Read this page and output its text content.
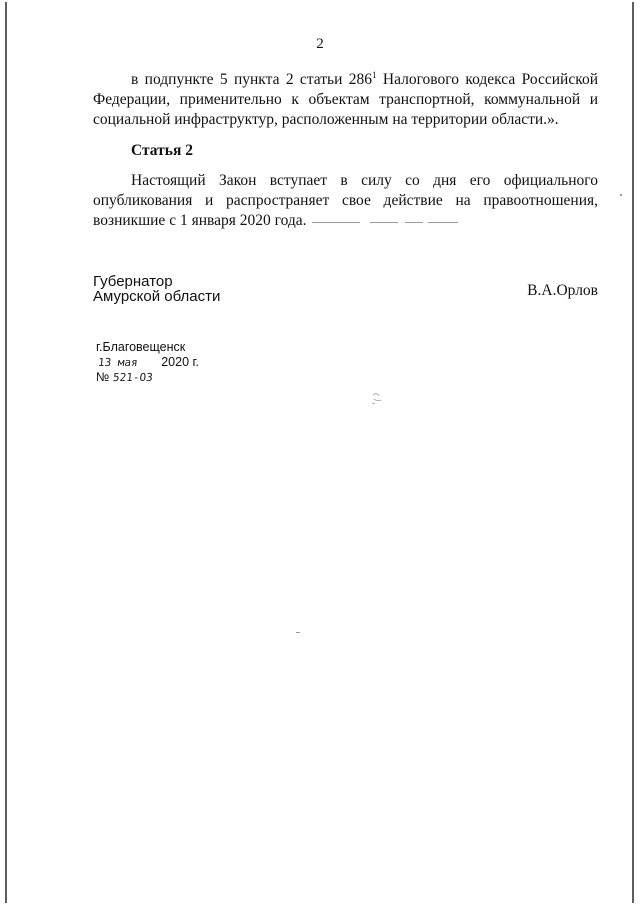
2
в подпункте 5 пункта 2 статьи $286^1$ Налогового кодекса Российской
Федерации, применительно к объектам транспортной, коммунальной и
социальной инфраструктур, расположенным на территории области.».
Статья 2
Настоящий Закон вступает в силу со дня его официального
опубликования и распространяет свое действие на правоотношения,
возникшие с 1 января 2020 года.
Губернатор
Амурской области	В.А.Орлов
г.Благовещенск
13 мая 2020 г.
№ 521-ОЗ
